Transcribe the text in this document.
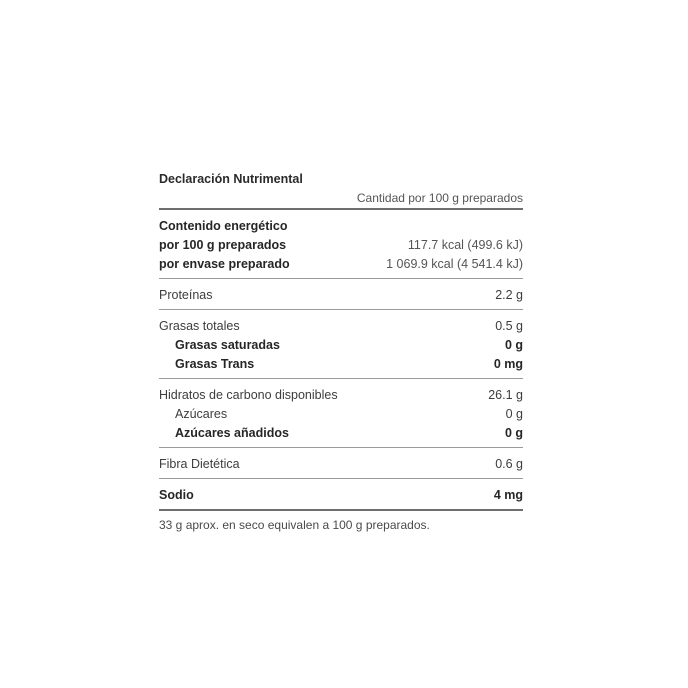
Declaración Nutrimental
Cantidad por 100 g preparados
Contenido energético
por 100 g preparados	117.7 kcal (499.6 kJ)
por envase preparado	1 069.9 kcal (4 541.4 kJ)
Proteínas	2.2 g
Grasas totales	0.5 g
Grasas saturadas	0 g
Grasas Trans	0 mg
Hidratos de carbono disponibles	26.1 g
Azúcares	0 g
Azúcares añadidos	0 g
Fibra Dietética	0.6 g
Sodio	4 mg
33 g aprox. en seco equivalen a 100 g preparados.
